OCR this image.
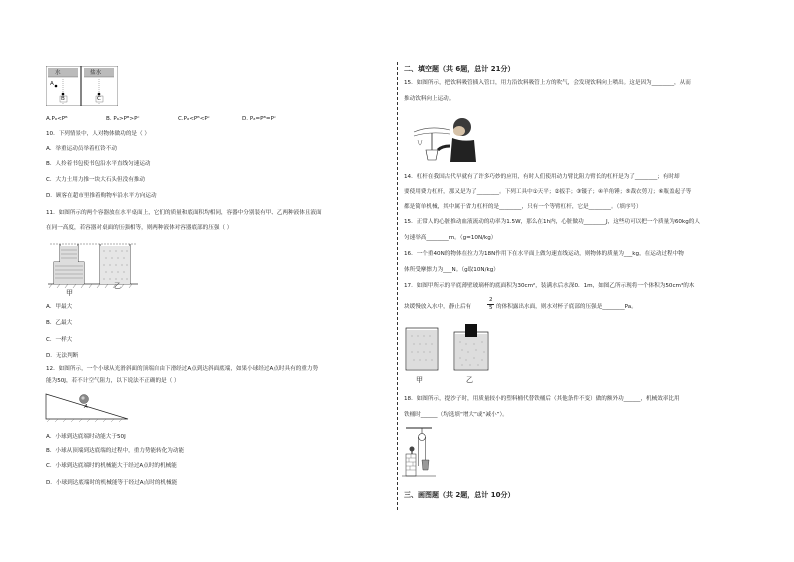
水	盐水
A
B	C
A.Pₐ<Pᴮ	B. Pₐ>Pᴮ>Pᶜ	C.Pₐ<Pᴮ<Pᶜ	D. Pₐ=Pᴮ=Pᶜ
10．下列情景中，人对物体做功的是（ ）
A．举重运动员举着杠铃不动
B．人拎着书包使书包沿水平直线匀速运动
C．大力士用力推一块大石头但没有推动
D．顾客在超市里推着购物车沿水平方向运动
11．如图所示的两个容器放在水平桌面上，它们的质量和底面积均相同，容器中分别装有甲、乙两种液体且液面
在同一高度，若容器对桌面的压强相等，则两种液体对容器底部的压强（ ）
甲
乙
A．甲最大
B．乙最大
C．一样大
D．无法判断
12．如图所示，一个小球从光滑斜面的顶端自由下滑经过A点到达斜面底端，如果小球经过A点时具有的重力势
能为50J，若不计空气阻力，以下说法不正确的是（ ）
A
A．小球到达底端时动能大于50J
B．小球从顶端到达底端的过程中，重力势能转化为动能
C．小球到达底端时的机械能大于经过A点时的机械能
D．小球到达底端时的机械能等于经过A点时的机械能
二、填空题（共 6题，总计 21分）
15．如图所示，把饮料吸管插入管口，用力沿饮料吸管上方的吹气，会发现饮料向上喷出。这是因为________，从而
推动饮料向上运动。
14．杠杆在我国古代早就有了许多巧妙的应用，有时人们使用动力臂比阻力臂长的杠杆是为了________；有时却
要使用费力杠杆，那又是为了________。下列工具中①天平；②扳手；③镊子；④羊角锤；⑤裁衣剪刀；⑥瓶盖起子等
都是简单机械，其中属于省力杠杆的是________，只有一个等臂杠杆，它是________。（填序号）
15．正常人的心脏推动血液流动的功率为1.5W，那么在1h内，心脏做功________J，这些功可以把一个质量为60kg的人
匀速举高________m。（g=10N/kg）
16．一个重40N的物体在拉力为18N作用下在水平面上做匀速直线运动，则物体的质量为___kg，在运动过程中物
体所受摩擦力为___N。（g取10N/kg）
17．如图甲所示的平底薄壁玻璃杯的底面积为30cm²，装满水后水深0．1m，如图乙所示现将一个体积为50cm³的木
块缓慢放入水中，静止后有
2
5 的体积露出水面，则水对杯子底部的压强是________Pa。
甲	乙
18．如图所示，提沙子时，用质量较小的塑料桶代替铁桶后（其他条件不变）做的额外功______，机械效率比用
铁桶时______（均选填“增大”或“减小”）。
三、画图题（共 2题，总计 10分）
